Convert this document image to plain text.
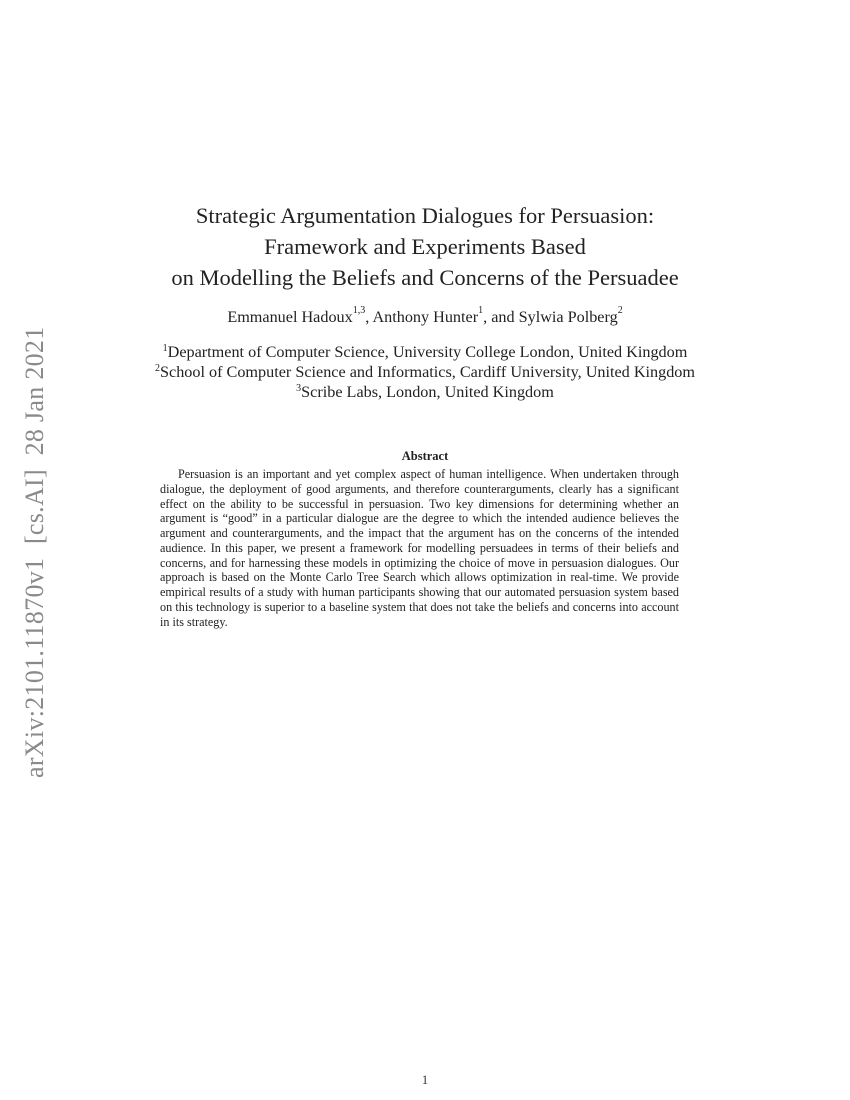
arXiv:2101.11870v1  [cs.AI]  28 Jan 2021
Strategic Argumentation Dialogues for Persuasion:
Framework and Experiments Based
on Modelling the Beliefs and Concerns of the Persuadee
Emmanuel Hadoux$^{1,3}$, Anthony Hunter$^1$, and Sylwia Polberg$^2$
$^1$Department of Computer Science, University College London, United Kingdom
$^2$School of Computer Science and Informatics, Cardiff University, United Kingdom
$^3$Scribe Labs, London, United Kingdom
Abstract
Persuasion is an important and yet complex aspect of human intelligence. When undertaken through dialogue, the deployment of good arguments, and therefore counterarguments, clearly has a significant effect on the ability to be successful in persuasion. Two key dimensions for determining whether an argument is “good” in a particular dialogue are the degree to which the intended audience believes the argument and counterarguments, and the impact that the argument has on the concerns of the intended audience. In this paper, we present a framework for modelling persuadees in terms of their beliefs and concerns, and for harnessing these models in optimizing the choice of move in persuasion dialogues. Our approach is based on the Monte Carlo Tree Search which allows optimization in real-time. We provide empirical results of a study with human participants showing that our automated persuasion system based on this technology is superior to a baseline system that does not take the beliefs and concerns into account in its strategy.
1
